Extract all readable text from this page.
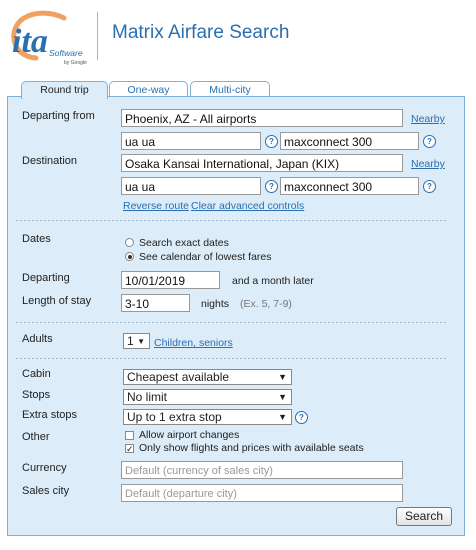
ita Software
by Google
Matrix Airfare Search
Round trip	One-way	Multi-city
Departing from	Phoenix, AZ - All airports	Nearby
ua ua	? maxconnect 300	?
Destination	Osaka Kansai International, Japan (KIX)	Nearby
ua ua	? maxconnect 300	?
Reverse route Clear advanced controls
Dates	Search exact dates
See calendar of lowest fares
Departing	10/01/2019	and a month later
Length of stay	3-10	nights (Ex. 5, 7-9)
Adults	1 ▼ Children, seniors
Cabin	Cheapest available	▼
Stops	No limit	▼
Extra stops	Up to 1 extra stop	▼	?
Other	Allow airport changes
✓ Only show flights and prices with available seats
Currency	Default (currency of sales city)
Sales city	Default (departure city)
Search
